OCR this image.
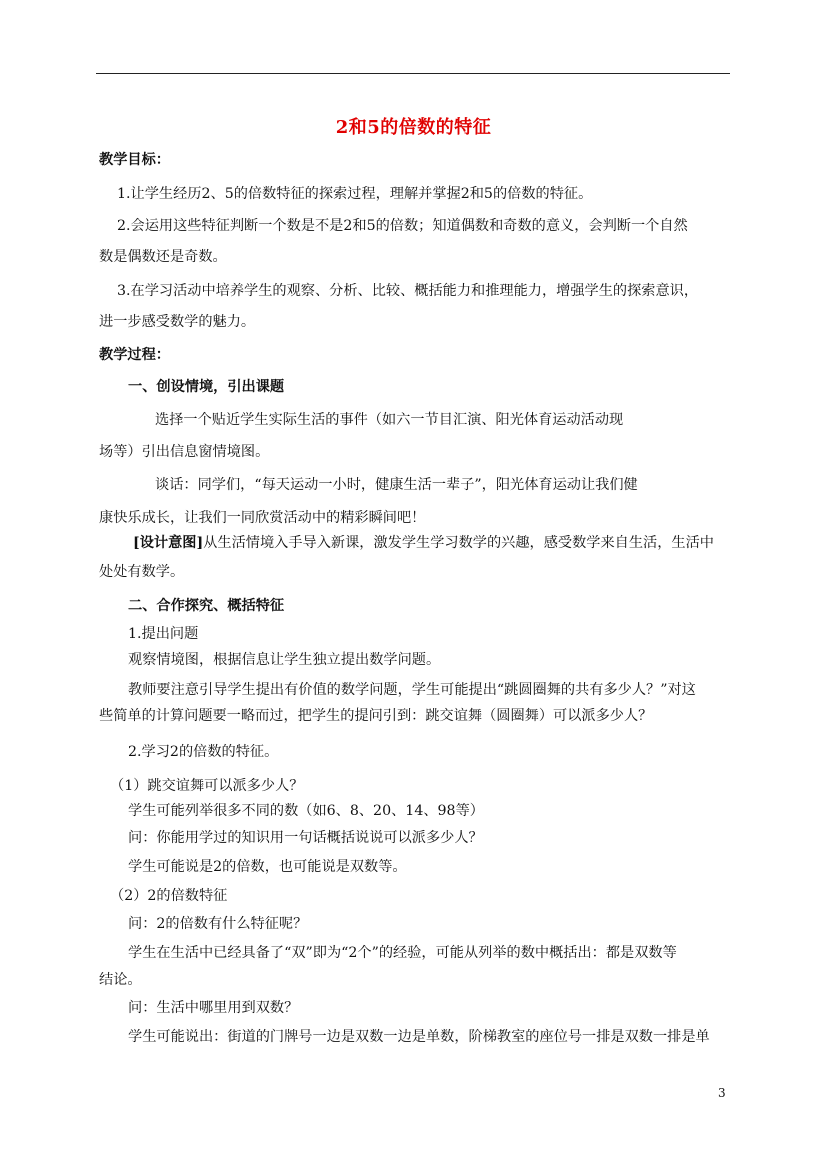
2和5的倍数的特征
教学目标：
1.让学生经历2、5的倍数特征的探索过程，理解并掌握2和5的倍数的特征。
2.会运用这些特征判断一个数是不是2和5的倍数；知道偶数和奇数的意义，会判断一个自然
数是偶数还是奇数。
3.在学习活动中培养学生的观察、分析、比较、概括能力和推理能力，增强学生的探索意识，
进一步感受数学的魅力。
教学过程：
一、创设情境，引出课题
选择一个贴近学生实际生活的事件（如六一节目汇演、阳光体育运动活动现
场等）引出信息窗情境图。
谈话：同学们，“每天运动一小时，健康生活一辈子”，阳光体育运动让我们健
康快乐成长，让我们一同欣赏活动中的精彩瞬间吧！
[设计意图]从生活情境入手导入新课，激发学生学习数学的兴趣，感受数学来自生活，生活中
处处有数学。
二、合作探究、概括特征
1.提出问题
观察情境图，根据信息让学生独立提出数学问题。
教师要注意引导学生提出有价值的数学问题，学生可能提出“跳圆圈舞的共有多少人？”对这
些简单的计算问题要一略而过，把学生的提问引到：跳交谊舞（圆圈舞）可以派多少人？
2.学习2的倍数的特征。
（1）跳交谊舞可以派多少人？
学生可能列举很多不同的数（如6、8、20、14、98等）
问：你能用学过的知识用一句话概括说说可以派多少人？
学生可能说是2的倍数，也可能说是双数等。
（2）2的倍数特征
问：2的倍数有什么特征呢？
学生在生活中已经具备了“双”即为“2个”的经验，可能从列举的数中概括出：都是双数等
结论。
问：生活中哪里用到双数？
学生可能说出：街道的门牌号一边是双数一边是单数，阶梯教室的座位号一排是双数一排是单
3
